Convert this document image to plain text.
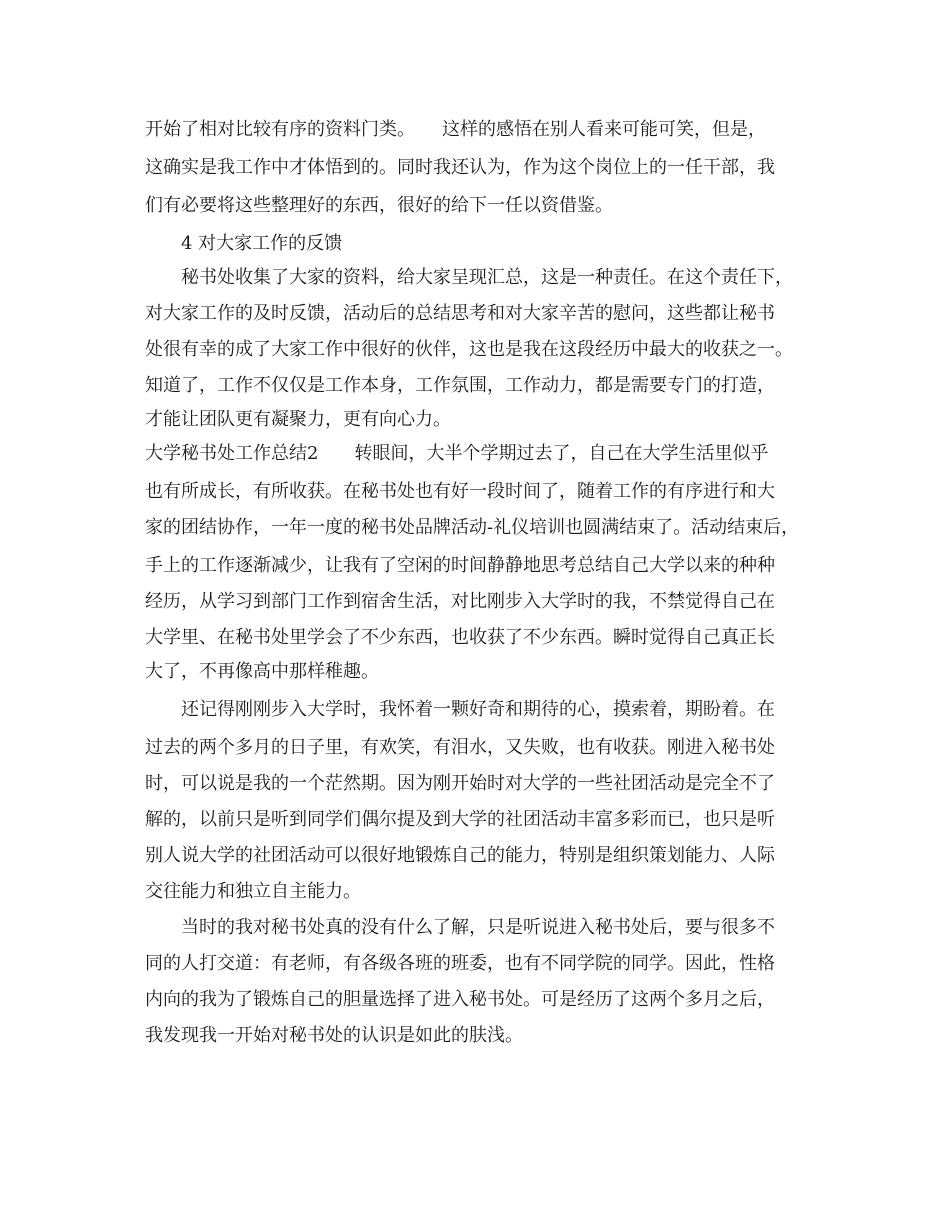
开始了相对比较有序的资料门类。　　这样的感悟在别人看来可能可笑，但是，
这确实是我工作中才体悟到的。同时我还认为，作为这个岗位上的一任干部，我
们有必要将这些整理好的东西，很好的给下一任以资借鉴。
　　4 对大家工作的反馈
　　秘书处收集了大家的资料，给大家呈现汇总，这是一种责任。在这个责任下，
对大家工作的及时反馈，活动后的总结思考和对大家辛苦的慰问，这些都让秘书
处很有幸的成了大家工作中很好的伙伴，这也是我在这段经历中最大的收获之一。
知道了，工作不仅仅是工作本身，工作氛围，工作动力，都是需要专门的打造，
才能让团队更有凝聚力，更有向心力。
大学秘书处工作总结2　　转眼间，大半个学期过去了，自己在大学生活里似乎
也有所成长，有所收获。在秘书处也有好一段时间了，随着工作的有序进行和大
家的团结协作，一年一度的秘书处品牌活动-礼仪培训也圆满结束了。活动结束后，
手上的工作逐渐减少，让我有了空闲的时间静静地思考总结自己大学以来的种种
经历，从学习到部门工作到宿舍生活，对比刚步入大学时的我，不禁觉得自己在
大学里、在秘书处里学会了不少东西，也收获了不少东西。瞬时觉得自己真正长
大了，不再像高中那样稚趣。
　　还记得刚刚步入大学时，我怀着一颗好奇和期待的心，摸索着，期盼着。在
过去的两个多月的日子里，有欢笑，有泪水，又失败，也有收获。刚进入秘书处
时，可以说是我的一个茫然期。因为刚开始时对大学的一些社团活动是完全不了
解的，以前只是听到同学们偶尔提及到大学的社团活动丰富多彩而已，也只是听
别人说大学的社团活动可以很好地锻炼自己的能力，特别是组织策划能力、人际
交往能力和独立自主能力。
　　当时的我对秘书处真的没有什么了解，只是听说进入秘书处后，要与很多不
同的人打交道：有老师，有各级各班的班委，也有不同学院的同学。因此，性格
内向的我为了锻炼自己的胆量选择了进入秘书处。可是经历了这两个多月之后，
我发现我一开始对秘书处的认识是如此的肤浅。
